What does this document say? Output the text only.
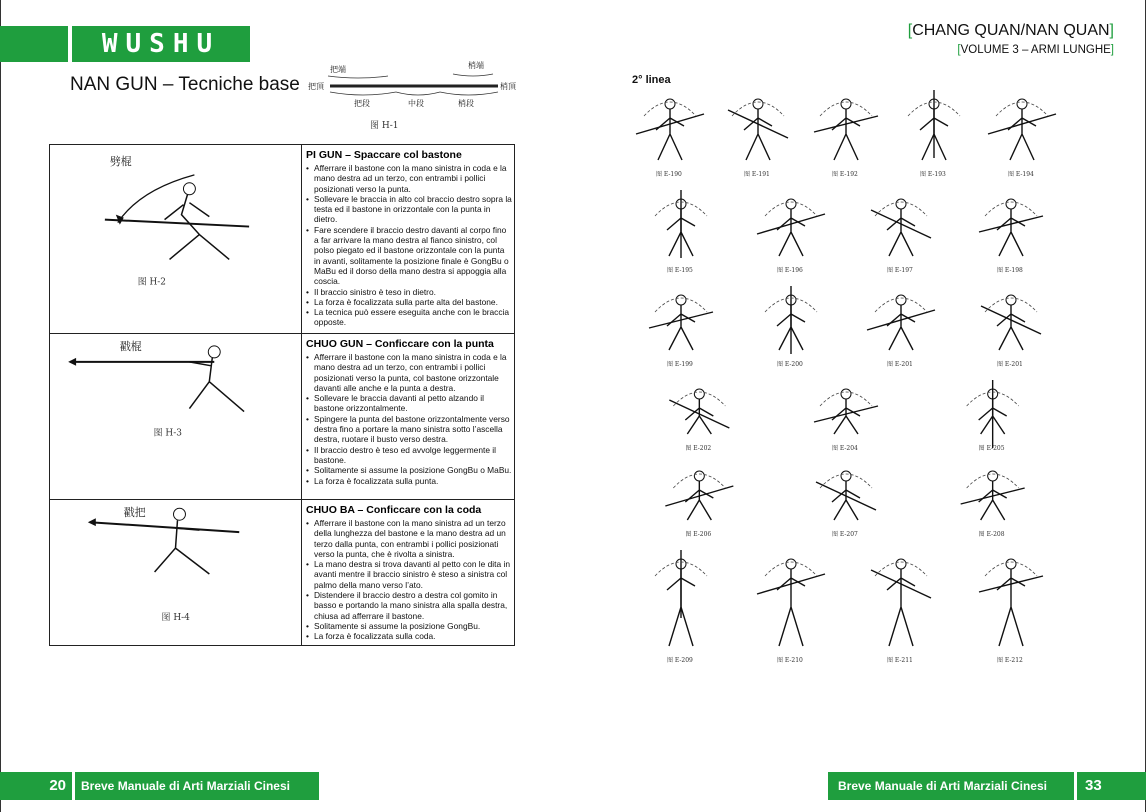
WUSHU
NAN GUN – Tecniche base
把端	梢端
把頂	梢頂
把段	中段	梢段
图 H-1
劈棍
图 H-2
PI GUN – Spaccare col bastone
• Afferrare il bastone con la mano sinistra in coda e la mano destra ad un terzo, con entrambi i pollici posizionati verso la punta.
• Sollevare le braccia in alto col braccio destro sopra la testa ed il bastone in orizzontale con la punta in dietro.
• Fare scendere il braccio destro davanti al corpo fino a far arrivare la mano destra al fianco sinistro, col polso piegato ed il bastone orizzontale con la punta in avanti, solitamente la posizione finale è GongBu o MaBu ed il dorso della mano destra si appoggia alla coscia.
• Il braccio sinistro è teso in dietro.
• La forza è focalizzata sulla parte alta del bastone.
• La tecnica può essere eseguita anche con le braccia opposte.
戳棍
图 H-3
CHUO GUN – Conficcare con la punta
• Afferrare il bastone con la mano sinistra in coda e la mano destra ad un terzo, con entrambi i pollici posizionati verso la punta, col bastone orizzontale davanti alle anche e la punta a destra.
• Sollevare le braccia davanti al petto alzando il bastone orizzontalmente.
• Spingere la punta del bastone orizzontalmente verso destra fino a portare la mano sinistra sotto l’ascella destra, ruotare il busto verso destra.
• Il braccio destro è teso ed avvolge leggermente il bastone.
• Solitamente si assume la posizione GongBu o MaBu.
• La forza è focalizzata sulla punta.
戳把
图 H-4
CHUO BA – Conficcare con la coda
• Afferrare il bastone con la mano sinistra ad un terzo della lunghezza del bastone e la mano destra ad un terzo dalla punta, con entrambi i pollici posizionati verso la punta, che è rivolta a sinistra.
• La mano destra si trova davanti al petto con le dita in avanti mentre il braccio sinistro è steso a sinistra col palmo della mano verso l’ato.
• Distendere il braccio destro a destra col gomito in basso e portando la mano sinistra alla spalla destra, chiusa ad afferrare il bastone.
• Solitamente si assume la posizione GongBu.
• La forza è focalizzata sulla coda.
[CHANG QUAN/NAN QUAN]
[VOLUME 3 – ARMI LUNGHE]
2° linea
图 E-190	图 E-191	图 E-192	图 E-193	图 E-194
图 E-195	图 E-196	图 E-197	图 E-198
图 E-199	图 E-200	图 E-201	图 E-201
图 E-202	图 E-204	图 E-205
图 E-206	图 E-207	图 E-208
图 E-209	图 E-210	图 E-211	图 E-212
20	Breve Manuale di Arti Marziali Cinesi	Breve Manuale di Arti Marziali Cinesi	33
